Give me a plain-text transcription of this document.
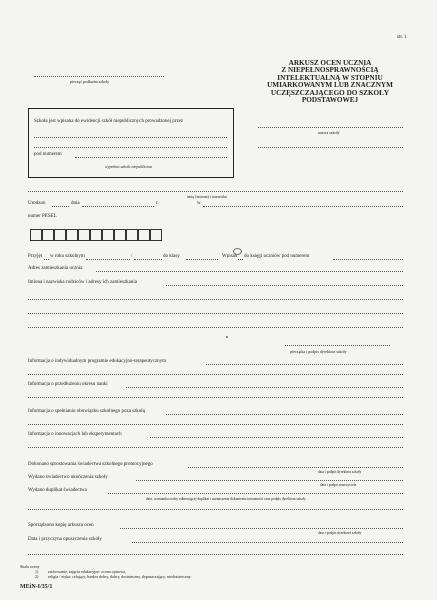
str. 1
pieczęć podłużna szkoły
ARKUSZ OCEN UCZNIA
Z NIEPEŁNOSPRAWNOŚCIĄ
INTELEKTUALNĄ W STOPNIU
UMIARKOWANYM LUB ZNACZNYM
UCZĘSZCZAJĄCEGO DO SZKOŁY
PODSTAWOWEJ
nazwa szkoły
Szkoła jest wpisana do ewidencji szkół niepublicznych prowadzonej przez
pod numerem
wypełnia szkoła niepubliczna
imię (imiona) i nazwisko
Urodzon	dnia	r.	w
numer PESEL
Przyjęt w roku szkolnym	/	do klasy	Wpisan do księgi uczniów pod numerem
Adres zamieszkania ucznia
Imiona i nazwiska rodziców i adresy ich zamieszkania
pieczątka i podpis dyrektora szkoły
Informacja o indywidualnym programie edukacyjno-terapeutycznym
Informacja o przedłużeniu okresu nauki
Informacja o spełnianiu obowiązku szkolnego poza szkołą
Informacja o innowacjach lub eksperymentach
Dokonano sprostowania świadectwa szkolnego promocyjnego
data i podpis dyrektora szkoły
Wydano świadectwo ukończenia szkoły
data i podpis nauczyciela
Wydano duplikat świadectwa
data, wzmianka osoby odbierającej duplikat i zaznaczenie dokumentu tożsamości oraz podpis dyrektora szkoły
Sporządzono kopię arkusza ocen
data i podpis dyrektora szkoły
Data i przyczyna opuszczenia szkoły
Skala oceny
1) zachowanie, zajęcia edukacyjne: ocena opisowa,
2) religia / etyka: celujący, bardzo dobry, dobry, dostateczny, dopuszczający, niedostateczny.
MEiN-I/35/1
